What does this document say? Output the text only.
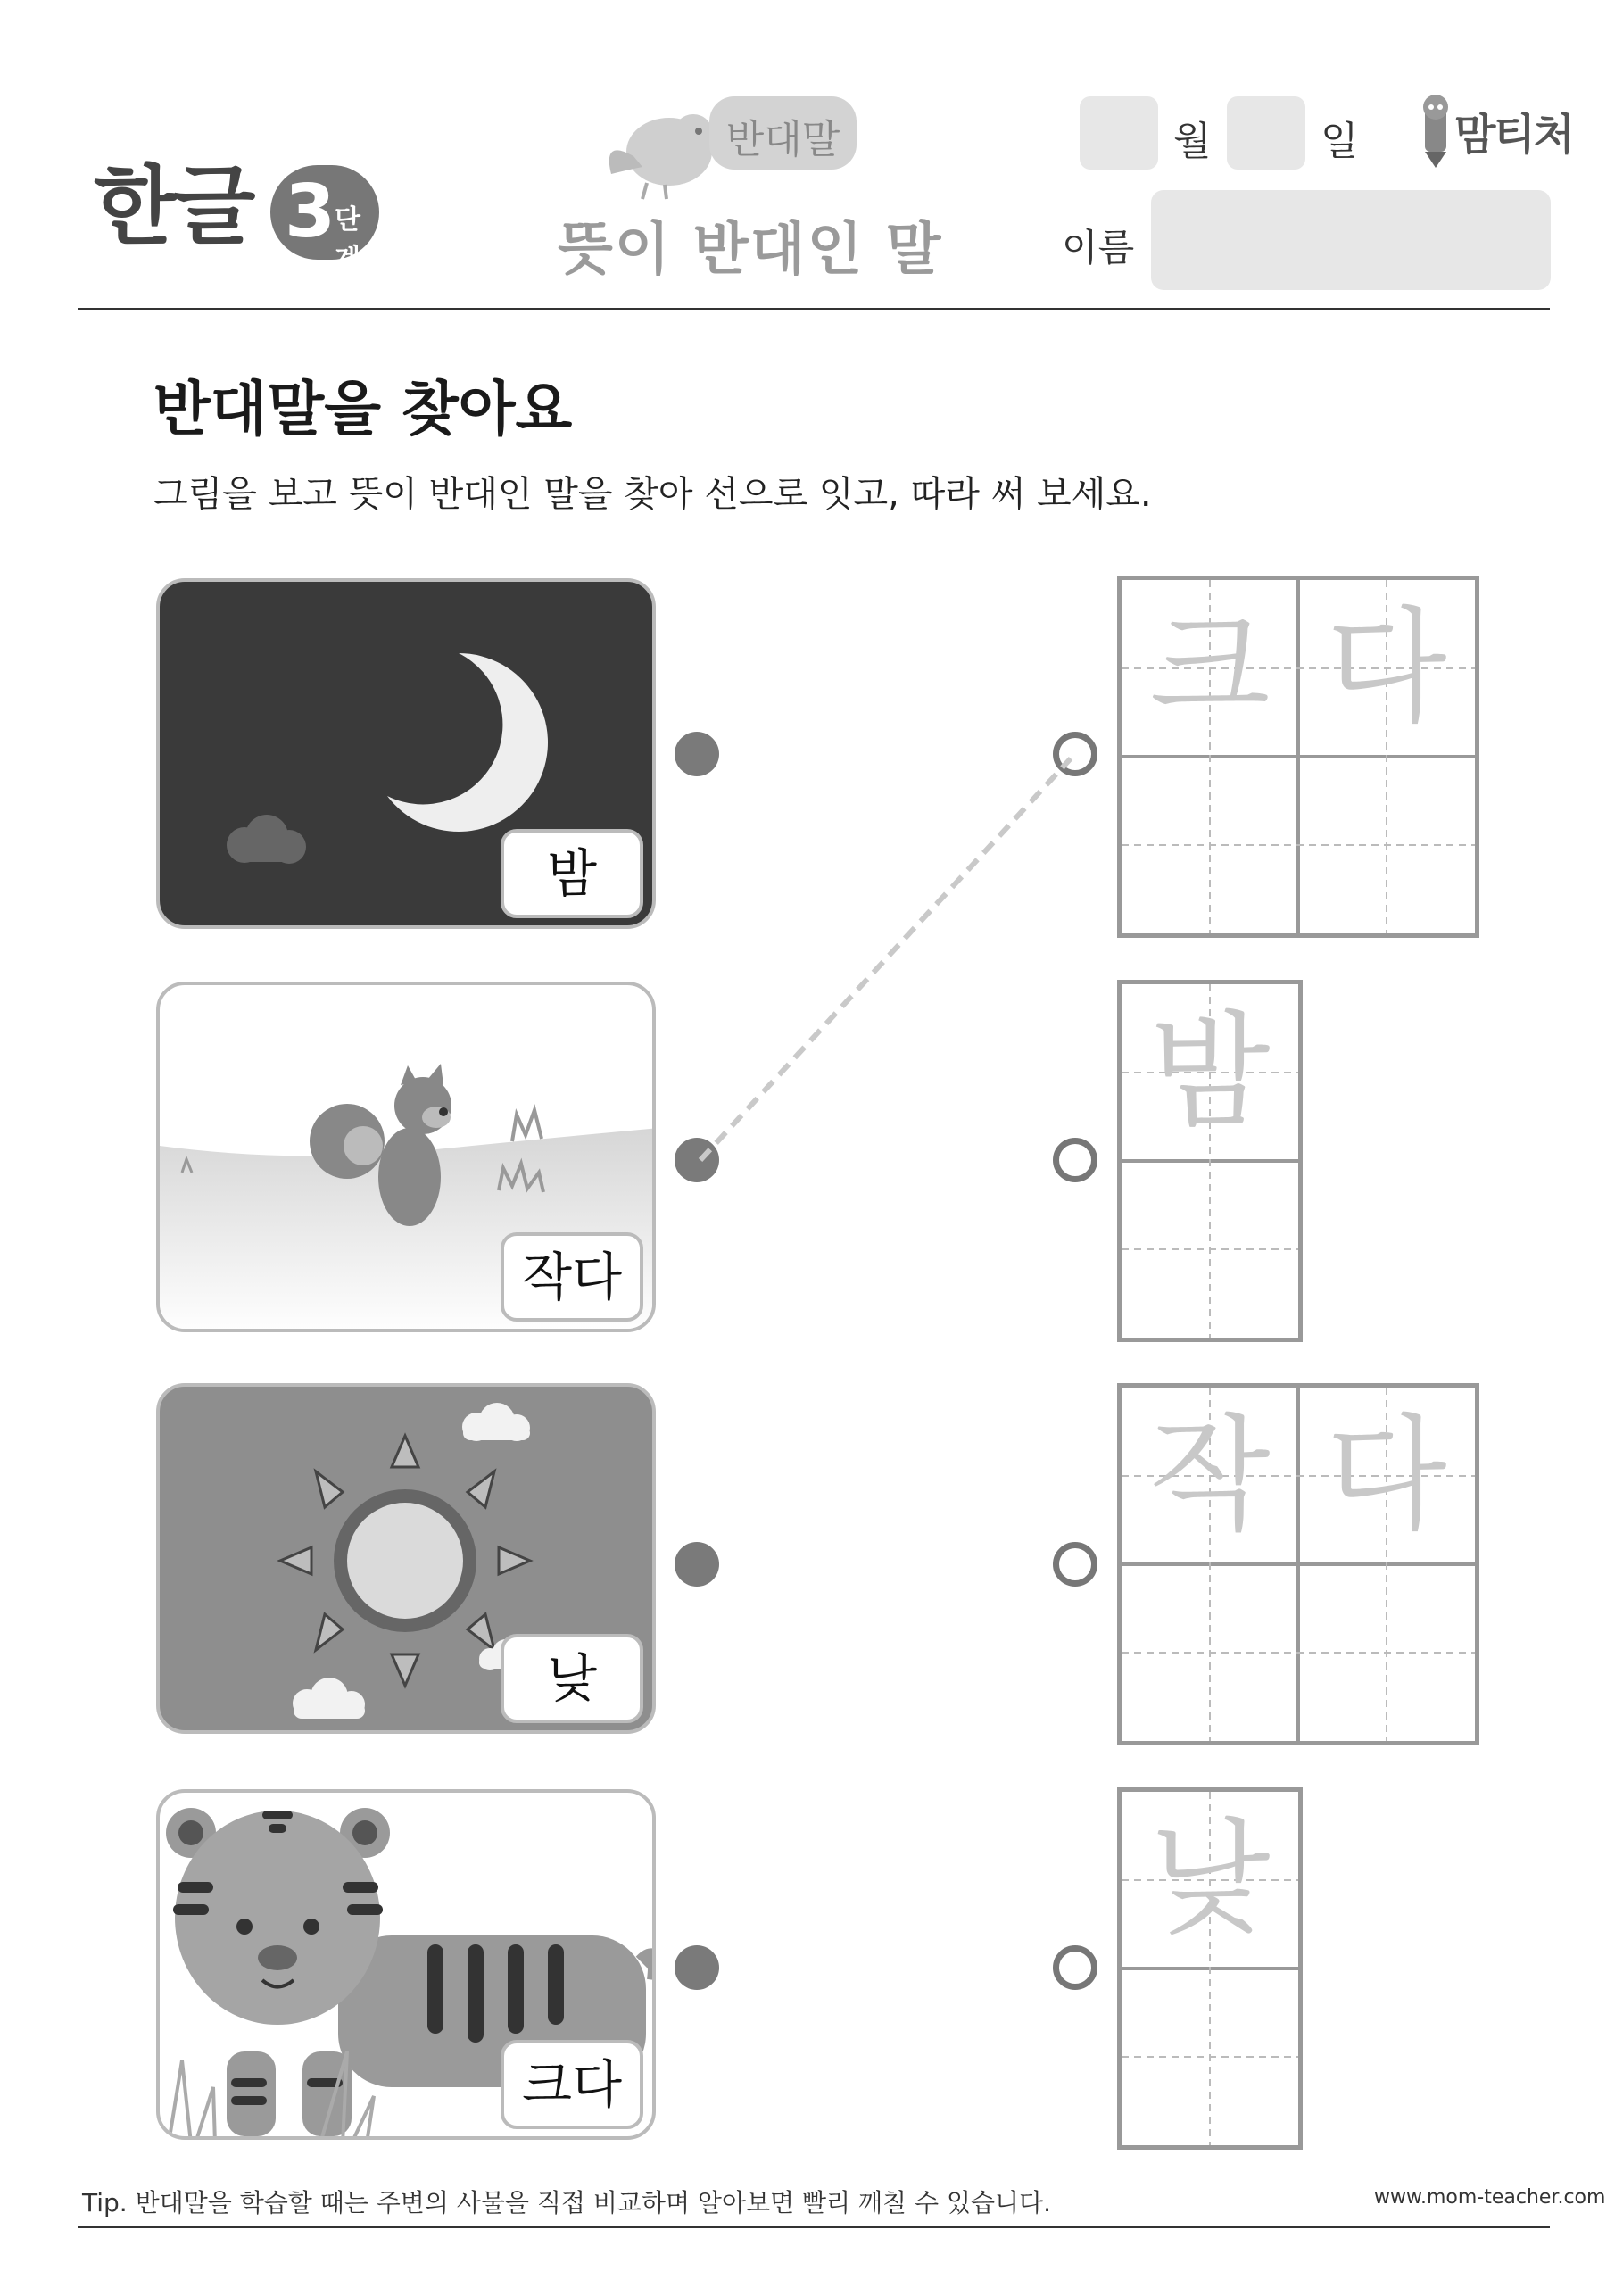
한글 3
단계
반대말
뜻이 반대인 말
월	일
이름
맘티처
반대말을 찾아요
그림을 보고 뜻이 반대인 말을 찾아 선으로 잇고, 따라 써 보세요.
밤
작다
낮
크다
크 다
밤
작 다
낮
Tip. 반대말을 학습할 때는 주변의 사물을 직접 비교하며 알아보면 빨리 깨칠 수 있습니다.	www.mom-teacher.com
